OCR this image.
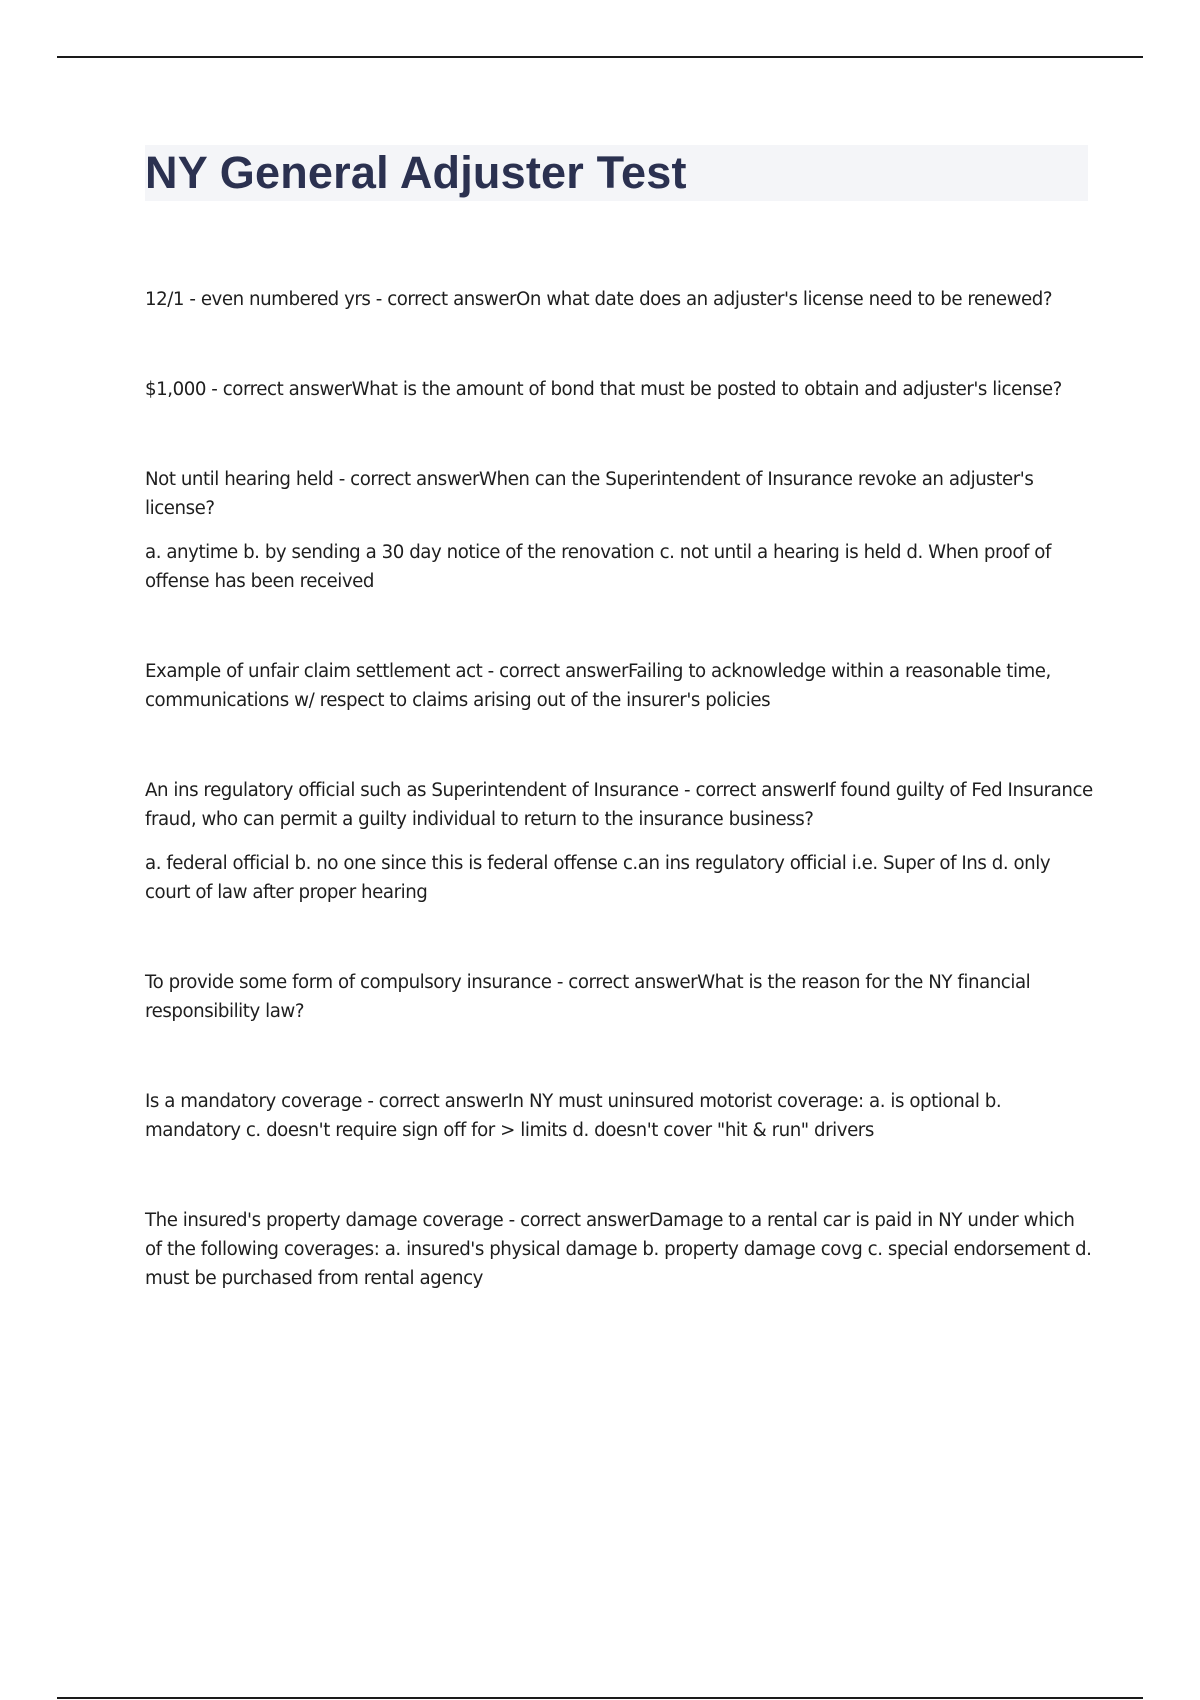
NY General Adjuster Test

12/1 - even numbered yrs - correct answerOn what date does an adjuster's license need to be renewed?

$1,000 - correct answerWhat is the amount of bond that must be posted to obtain and adjuster's license?

Not until hearing held - correct answerWhen can the Superintendent of Insurance revoke an adjuster's license?

a. anytime b. by sending a 30 day notice of the renovation c. not until a hearing is held d. When proof of offense has been received

Example of unfair claim settlement act - correct answerFailing to acknowledge within a reasonable time, communications w/ respect to claims arising out of the insurer's policies

An ins regulatory official such as Superintendent of Insurance - correct answerIf found guilty of Fed Insurance fraud, who can permit a guilty individual to return to the insurance business?

a. federal official b. no one since this is federal offense c.an ins regulatory official i.e. Super of Ins d. only court of law after proper hearing

To provide some form of compulsory insurance - correct answerWhat is the reason for the NY financial responsibility law?

Is a mandatory coverage - correct answerIn NY must uninsured motorist coverage: a. is optional b. mandatory c. doesn't require sign off for > limits d. doesn't cover "hit & run" drivers

The insured's property damage coverage - correct answerDamage to a rental car is paid in NY under which of the following coverages: a. insured's physical damage b. property damage covg c. special endorsement d. must be purchased from rental agency
